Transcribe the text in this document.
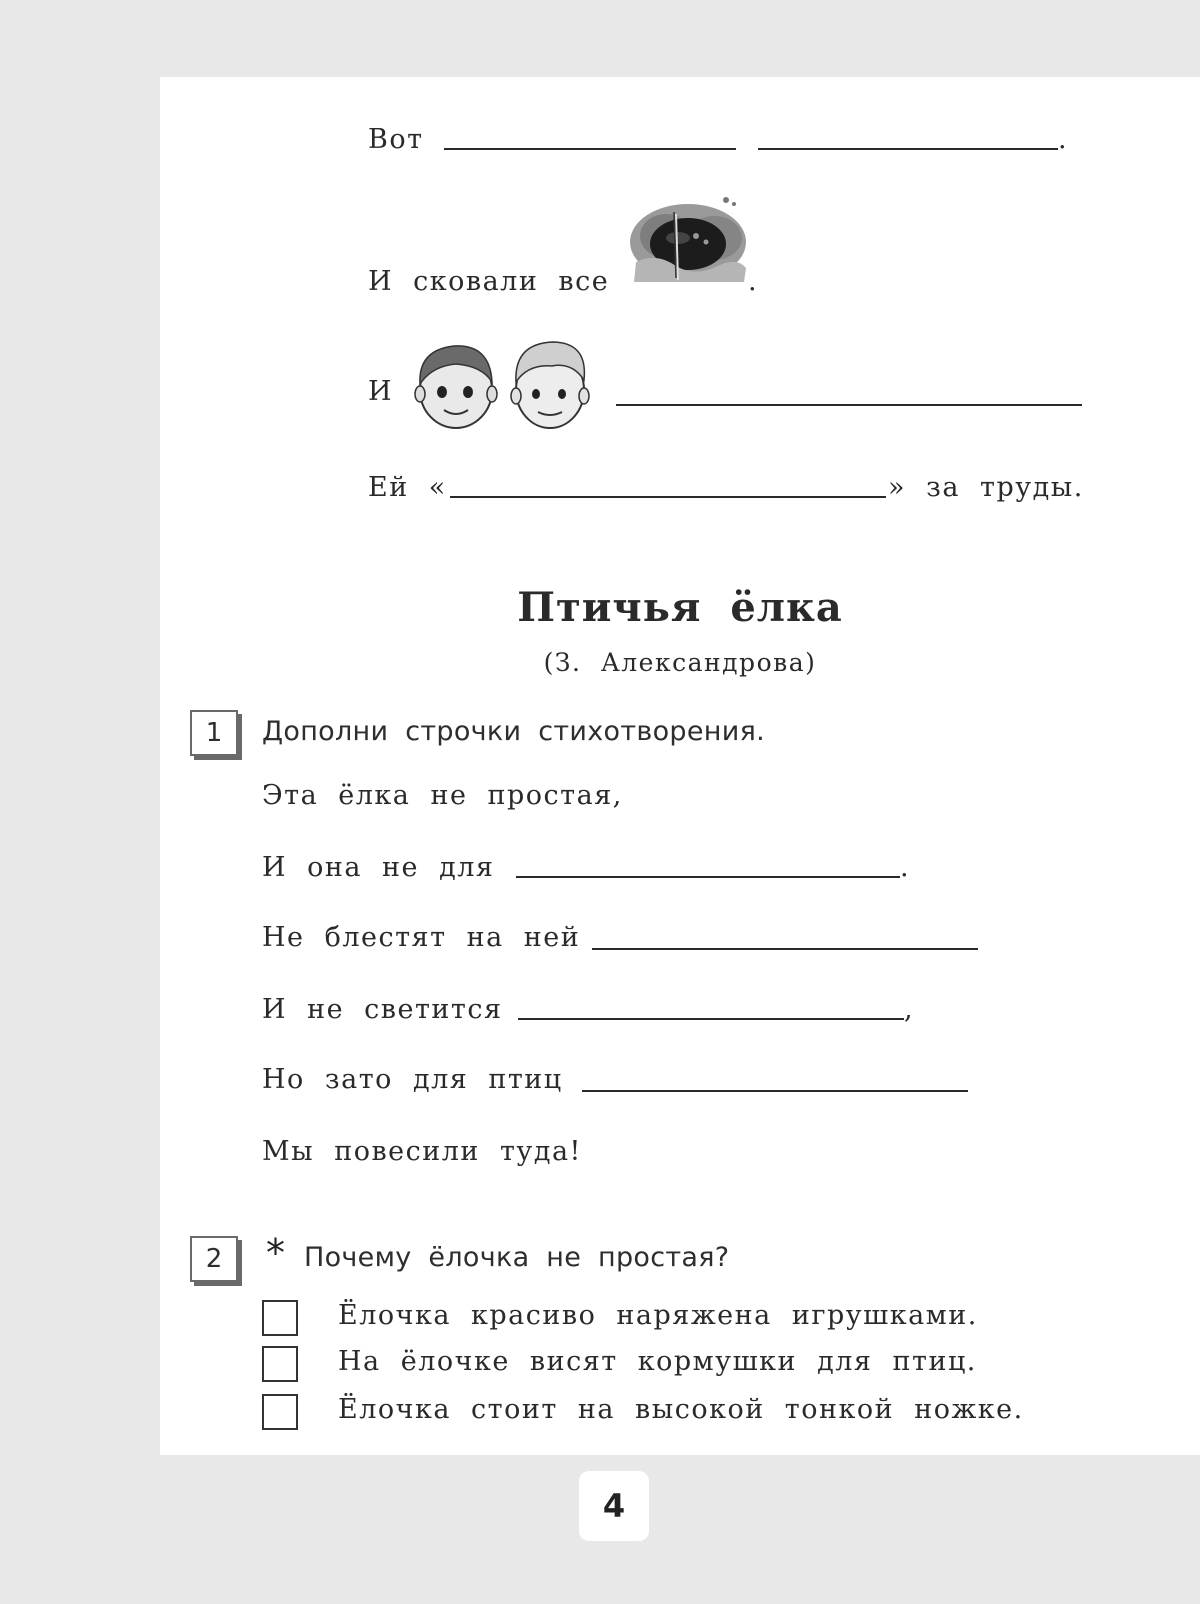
Вот	.
И сковали все	.
И
Ей «	» за труды.
Птичья ёлка
(З. Александрова)
1	Дополни строчки стихотворения.
Эта ёлка не простая,
И она не для	.
Не блестят на ней
И не светится	,
Но зато для птиц
Мы повесили туда!
2	* Почему ёлочка не простая?
Ёлочка красиво наряжена игрушками.
На ёлочке висят кормушки для птиц.
Ёлочка стоит на высокой тонкой ножке.
4
